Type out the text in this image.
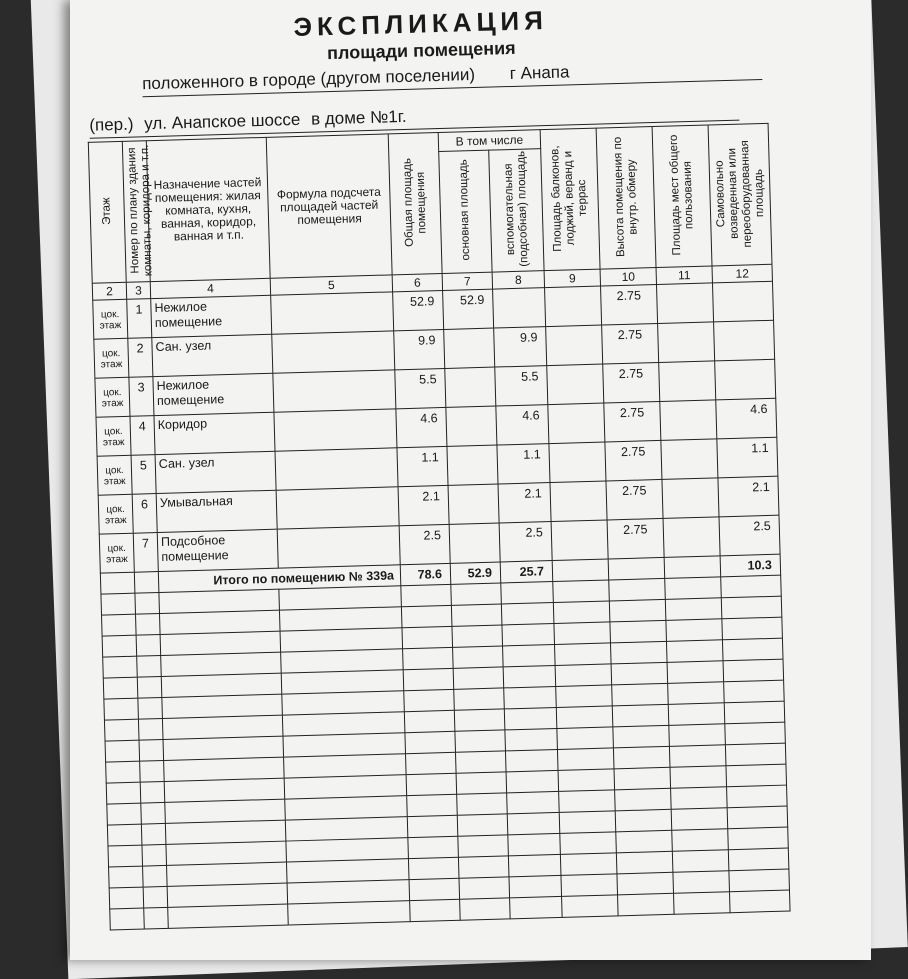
ЭКСПЛИКАЦИЯ
площади помещения
положенного в городе (другом поселении) г Анапа
(пер.) ул. Анапское шоссе в доме №1г.
Этаж	Номер по плану здания комнаты, коридора и т.п.	Назначение частей помещения: жилая комната, кухня, ванная, коридор, ванная и т.п.	Формула подсчета площадей частей помещения	Общая площадь помещения	В том числе		Площадь балконов, лоджий, веранд и террас	Высота помещения по внутр. обмеру	Площадь мест общего пользования	Самовольно возведенная или переоборудованная площадь
					основная площадь	вспомогательная (подсобная) площадь				
2	3	4	5	6	7	8	9	10	11	12
цок. этаж	1	Нежилое помещение		52.9	52.9			2.75		
цок. этаж	2	Сан. узел		9.9		9.9		2.75		
цок. этаж	3	Нежилое помещение		5.5		5.5		2.75		
цок. этаж	4	Коридор		4.6		4.6		2.75		4.6
цок. этаж	5	Сан. узел		1.1		1.1		2.75		1.1
цок. этаж	6	Умывальная		2.1		2.1		2.75		2.1
цок. этаж	7	Подсобное помещение		2.5		2.5		2.75		2.5
		Итого по помещению № 339а		78.6	52.9	25.7				10.3
